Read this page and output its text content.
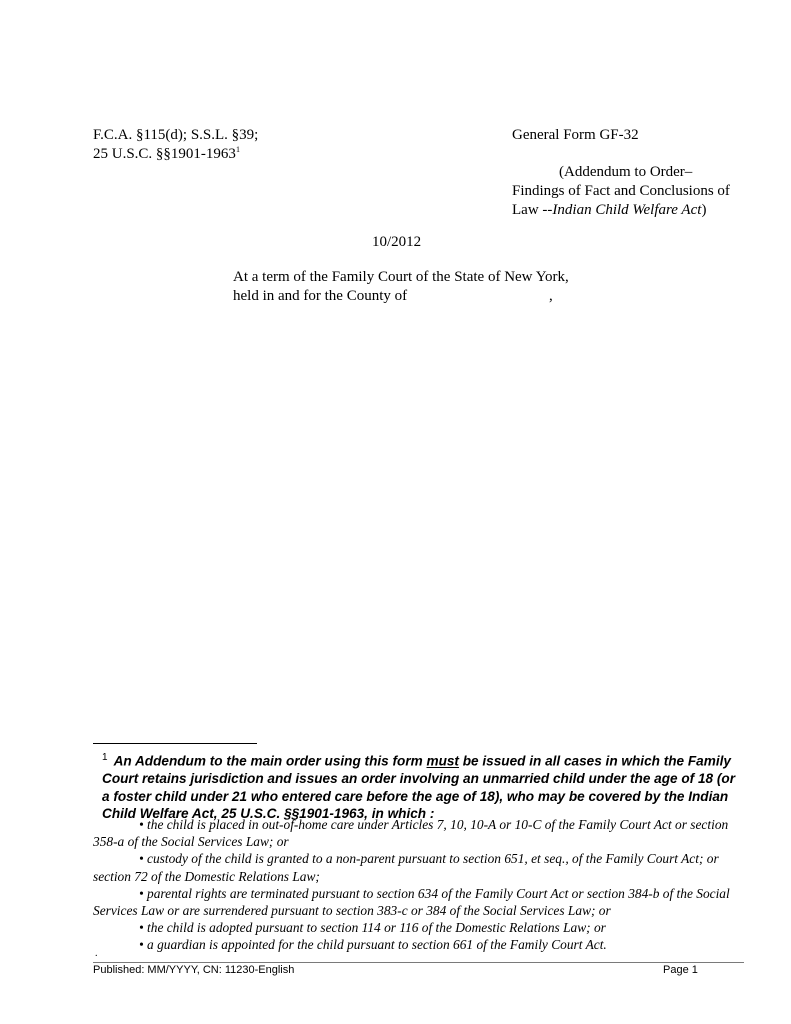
F.C.A. §115(d); S.S.L. §39;
25 U.S.C. §§1901-1963$^1$
General Form GF-32
(Addendum to Order–
Findings of Fact and Conclusions of
Law --Indian Child Welfare Act)
10/2012
At a term of the Family Court of the State of New York,
held in and for the County of	,
$^1$ An Addendum to the main order using this form must be issued in all cases in which the Family Court retains jurisdiction and issues an order involving an unmarried child under the age of 18 (or a foster child under 21 who entered care before the age of 18), who may be covered by the Indian Child Welfare Act, 25 U.S.C. §§1901-1963, in which :

• the child is placed in out-of-home care under Articles 7, 10, 10-A or 10-C of the Family Court Act or section 358-a of the Social Services Law; or

• custody of the child is granted to a non-parent pursuant to section 651, et seq., of the Family Court Act; or section 72 of the Domestic Relations Law;

• parental rights are terminated pursuant to section 634 of the Family Court Act or section 384-b of the Social Services Law or are surrendered pursuant to section 383-c or 384 of the Social Services Law; or

• the child is adopted pursuant to section 114 or 116 of the Domestic Relations Law; or

• a guardian is appointed for the child pursuant to section 661 of the Family Court Act.

.
Published: MM/YYYY, CN: 11230-English	Page 1
